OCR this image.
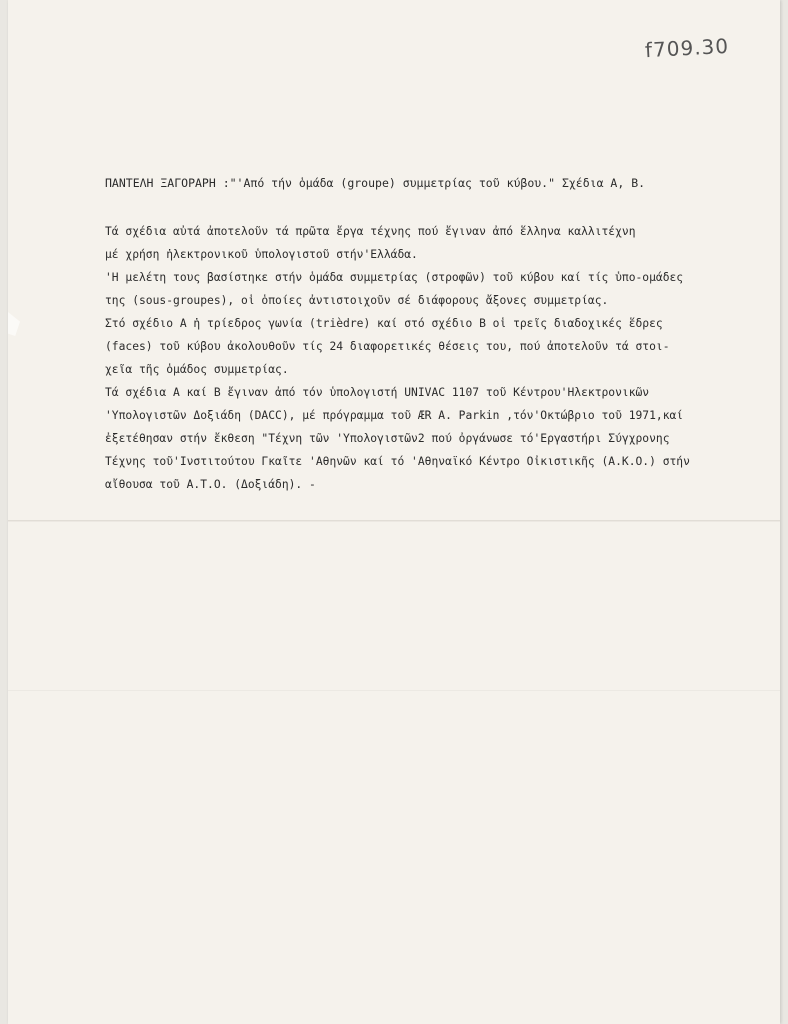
f709.30
ΠΑΝΤΕΛΗ ΞΑΓΟΡΑΡΗ :"'Από τήν ὁμάδα (groupe) συμμετρίας τοῦ κύβου." Σχέδια Α, Β.
Τά σχέδια αὐτά ἀποτελοῦν τά πρῶτα ἔργα τέχνης πού ἔγιναν ἀπό ἕλληνα καλλιτέχνη
μέ χρήση ἠλεκτρονικοῦ ὑπολογιστοῦ στήν'Ελλάδα.
'Η μελέτη τους βασίστηκε στήν ὁμάδα συμμετρίας (στροφῶν) τοῦ κύβου καί τίς ὑπο-ομάδες
της (sous-groupes), οἱ ὁποίες ἀντιστοιχοῦν σέ διάφορους ἄξονες συμμετρίας.
Στό σχέδιο Α ἡ τρίεδρος γωνία (trièdre) καί στό σχέδιο Β οἱ τρεῖς διαδοχικές ἕδρες
(faces) τοῦ κύβου ἀκολουθοῦν τίς 24 διαφορετικές θέσεις του, πού ἀποτελοῦν τά στοι-
χεῖα τῆς ὁμάδος συμμετρίας.
Τά σχέδια Α καί Β ἔγιναν ἀπό τόν ὑπολογιστή UNIVAC 1107 τοῦ Κέντρου'Ηλεκτρονικῶν
'Υπολογιστῶν Δοξιάδη (DACC), μέ πρόγραμμα τοῦ ÆR A. Parkin ,τόν'Οκτώβριο τοῦ 1971,καί
ἐξετέθησαν στήν ἔκθεση "Τέχνη τῶν 'Υπολογιστῶν2 πού ὀργάνωσε τό'Εργαστήρι Σύγχρονης
Τέχνης τοῦ'Ινστιτούτου Γκαῖτε 'Αθηνῶν καί τό 'Αθηναϊκό Κέντρο Οἰκιστικῆς (Α.Κ.Ο.) στήν
αἴθουσα τοῦ Α.Τ.Ο. (Δοξιάδη). -
